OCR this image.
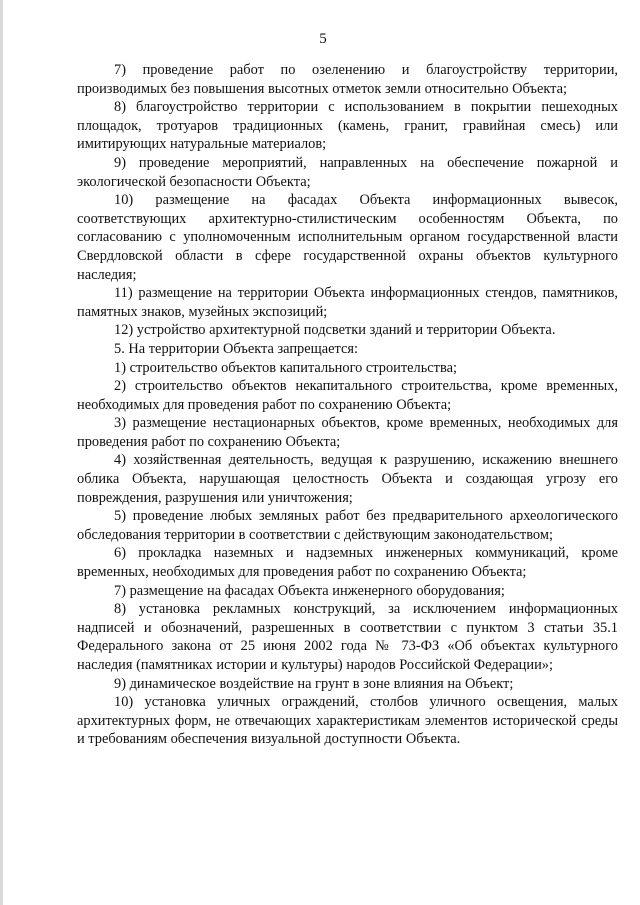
5

7) проведение работ по озеленению и благоустройству территории, производимых без повышения высотных отметок земли относительно Объекта;

8) благоустройство территории с использованием в покрытии пешеходных площадок, тротуаров традиционных (камень, гранит, гравийная смесь) или имитирующих натуральные материалов;

9) проведение мероприятий, направленных на обеспечение пожарной и экологической безопасности Объекта;

10) размещение на фасадах Объекта информационных вывесок, соответствующих архитектурно-стилистическим особенностям Объекта, по согласованию с уполномоченным исполнительным органом государственной власти Свердловской области в сфере государственной охраны объектов культурного наследия;

11) размещение на территории Объекта информационных стендов, памятников, памятных знаков, музейных экспозиций;

12) устройство архитектурной подсветки зданий и территории Объекта.

5. На территории Объекта запрещается:

1) строительство объектов капитального строительства;

2) строительство объектов некапитального строительства, кроме временных, необходимых для проведения работ по сохранению Объекта;

3) размещение нестационарных объектов, кроме временных, необходимых для проведения работ по сохранению Объекта;

4) хозяйственная деятельность, ведущая к разрушению, искажению внешнего облика Объекта, нарушающая целостность Объекта и создающая угрозу его повреждения, разрушения или уничтожения;

5) проведение любых земляных работ без предварительного археологического обследования территории в соответствии с действующим законодательством;

6) прокладка наземных и надземных инженерных коммуникаций, кроме временных, необходимых для проведения работ по сохранению Объекта;

7) размещение на фасадах Объекта инженерного оборудования;

8) установка рекламных конструкций, за исключением информационных надписей и обозначений, разрешенных в соответствии с пунктом 3 статьи 35.1 Федерального закона от 25 июня 2002 года № 73-ФЗ «Об объектах культурного наследия (памятниках истории и культуры) народов Российской Федерации»;

9) динамическое воздействие на грунт в зоне влияния на Объект;

10) установка уличных ограждений, столбов уличного освещения, малых архитектурных форм, не отвечающих характеристикам элементов исторической среды и требованиям обеспечения визуальной доступности Объекта.
